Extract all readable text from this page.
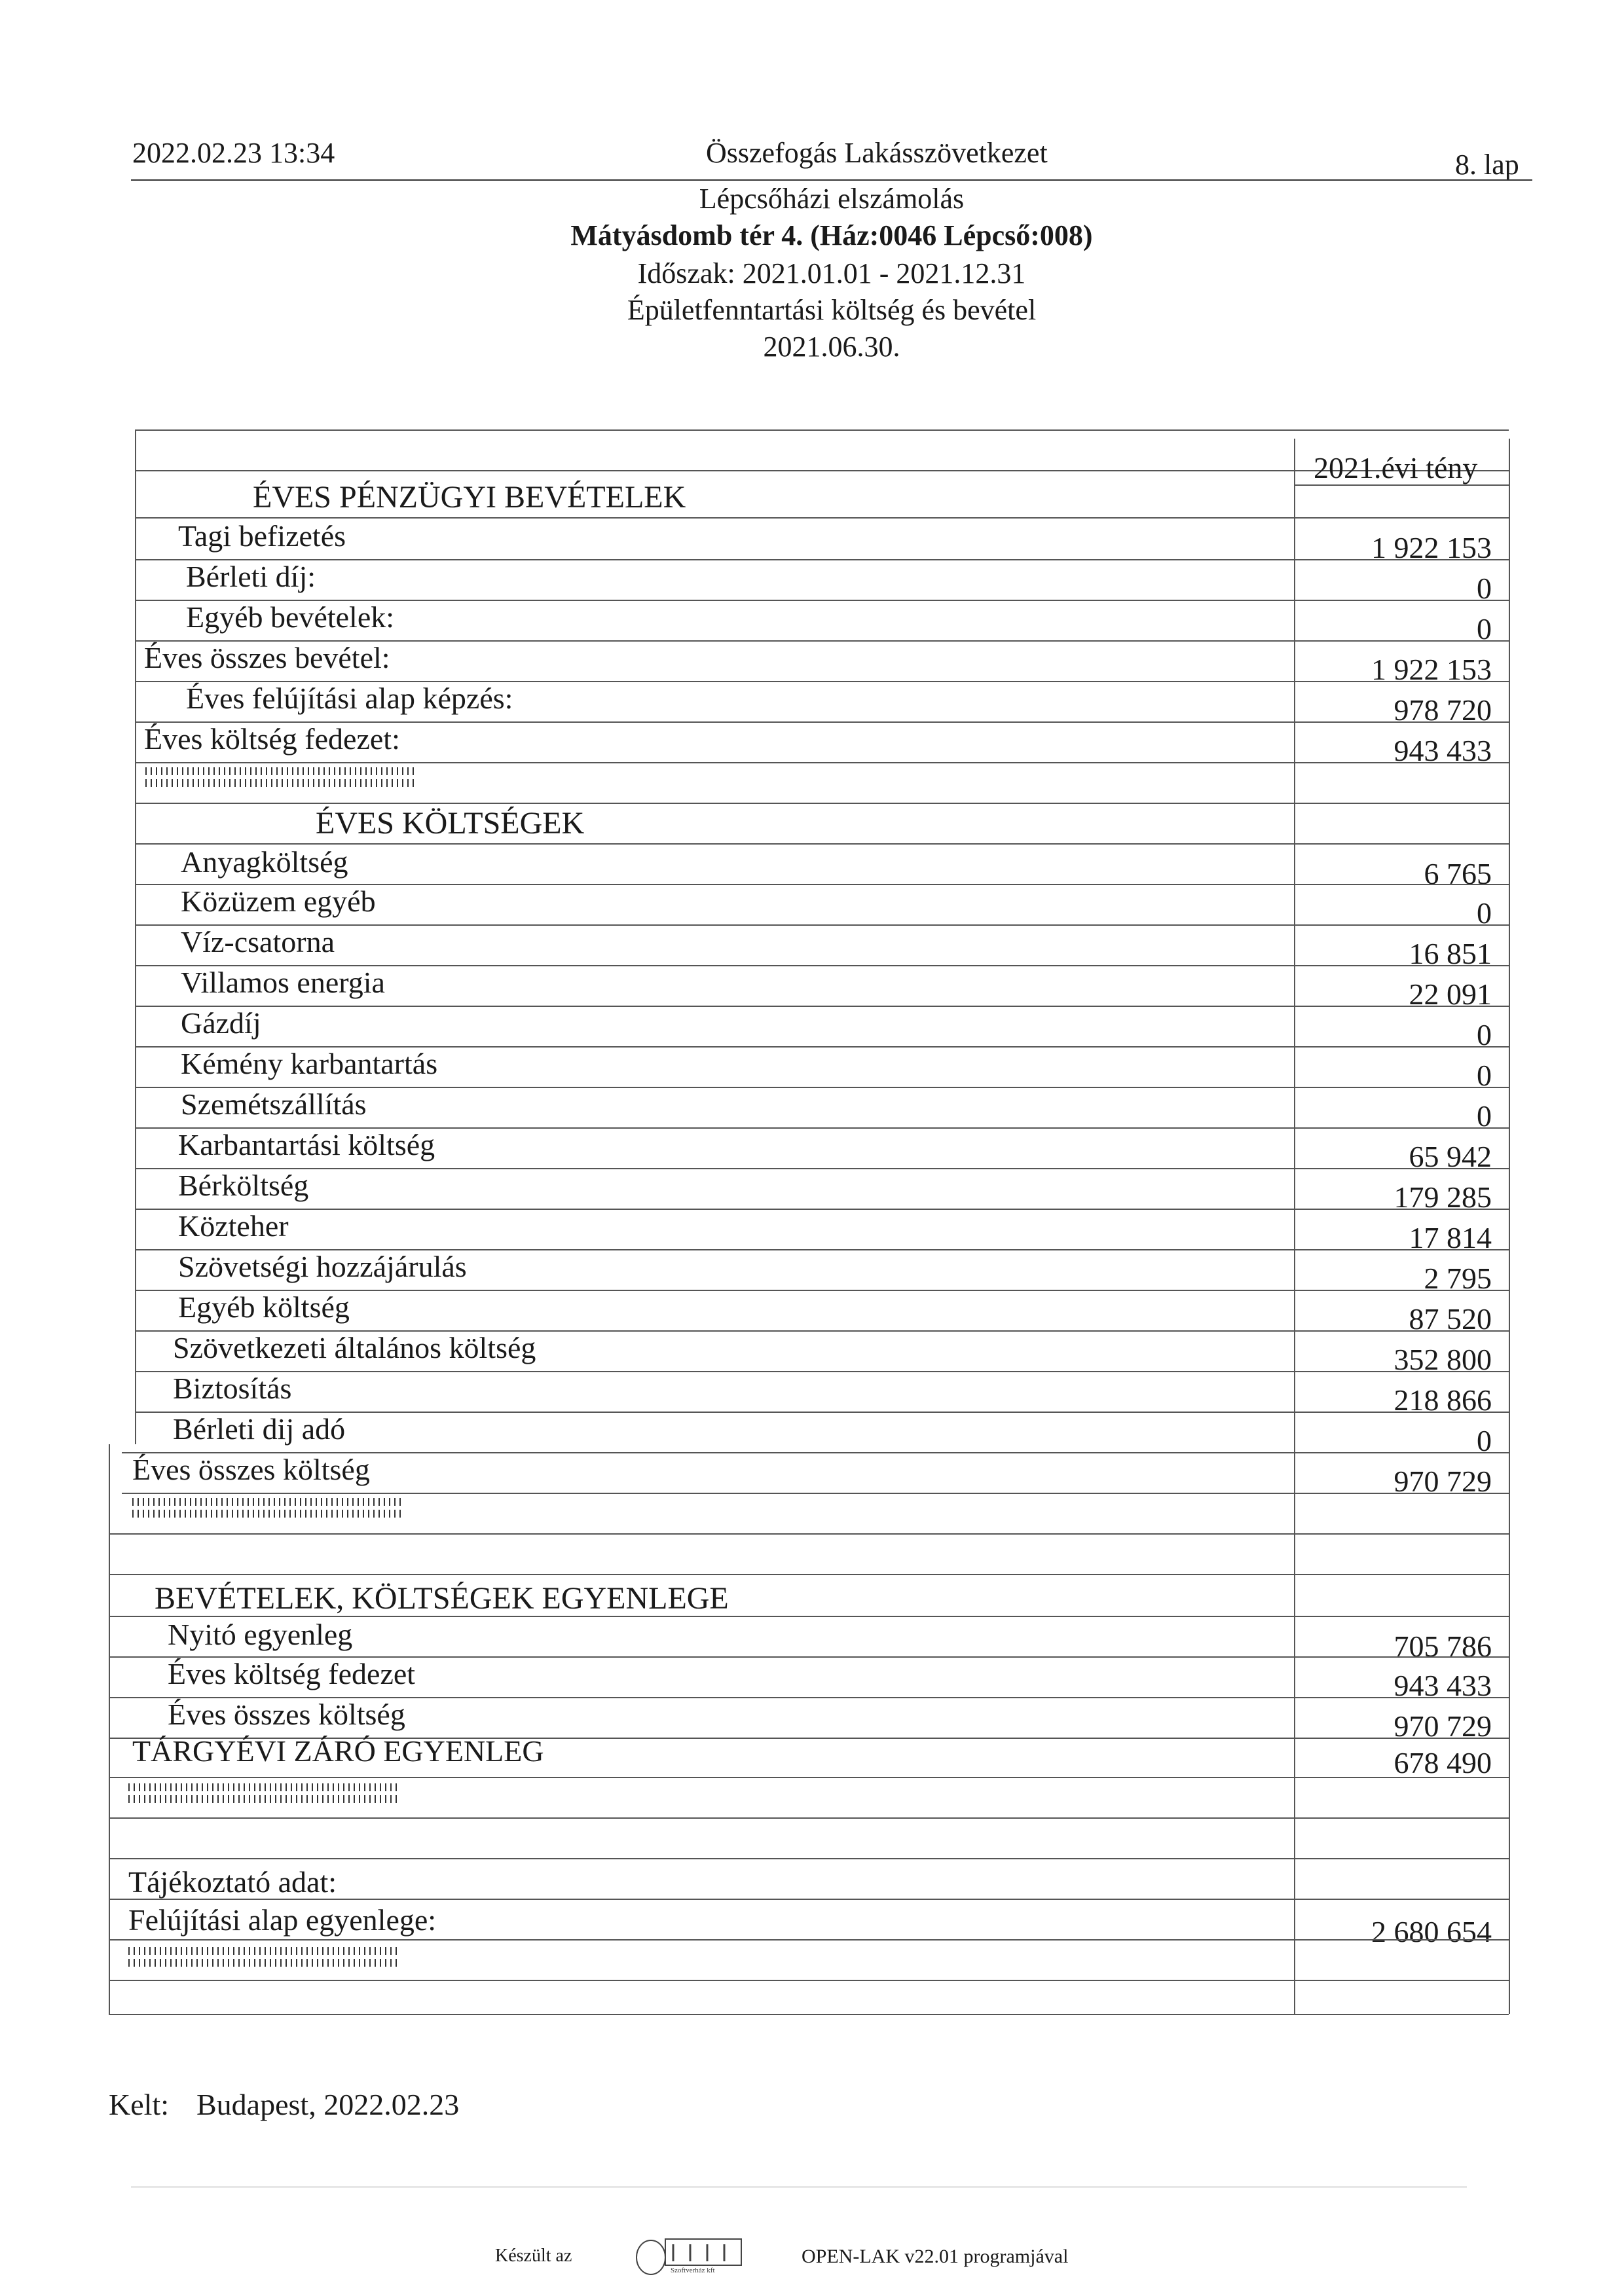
2022.02.23 13:34	Összefogás Lakásszövetkezet	8. lap
Lépcsőházi elszámolás
Mátyásdomb tér 4. (Ház:0046 Lépcső:008)
Időszak: 2021.01.01 - 2021.12.31
Épületfenntartási költség és bevétel
2021.06.30.
2021.évi tény
ÉVES PÉNZÜGYI BEVÉTELEK
Tagi befizetés	1 922 153
Bérleti díj:	0
Egyéb bevételek:	0
Éves összes bevétel:	1 922 153
Éves felújítási alap képzés:	978 720
Éves költség fedezet:	943 433
ÉVES KÖLTSÉGEK
Anyagköltség	6 765
Közüzem egyéb	0
Víz-csatorna	16 851
Villamos energia	22 091
Gázdíj	0
Kémény karbantartás	0
Szemétszállítás	0
Karbantartási költség	65 942
Bérköltség	179 285
Közteher	17 814
Szövetségi hozzájárulás	2 795
Egyéb költség	87 520
Szövetkezeti általános költség	352 800
Biztosítás	218 866
Bérleti dij adó	0
Éves összes költség	970 729
BEVÉTELEK, KÖLTSÉGEK EGYENLEGE
Nyitó egyenleg	705 786
Éves költség fedezet	943 433
Éves összes költség	970 729
TÁRGYÉVI ZÁRÓ EGYENLEG	678 490
Tájékoztató adat:
Felújítási alap egyenlege:	2 680 654
Kelt: Budapest, 2022.02.23
Készült az
Szoftverház kft
OPEN-LAK v22.01 programjával
